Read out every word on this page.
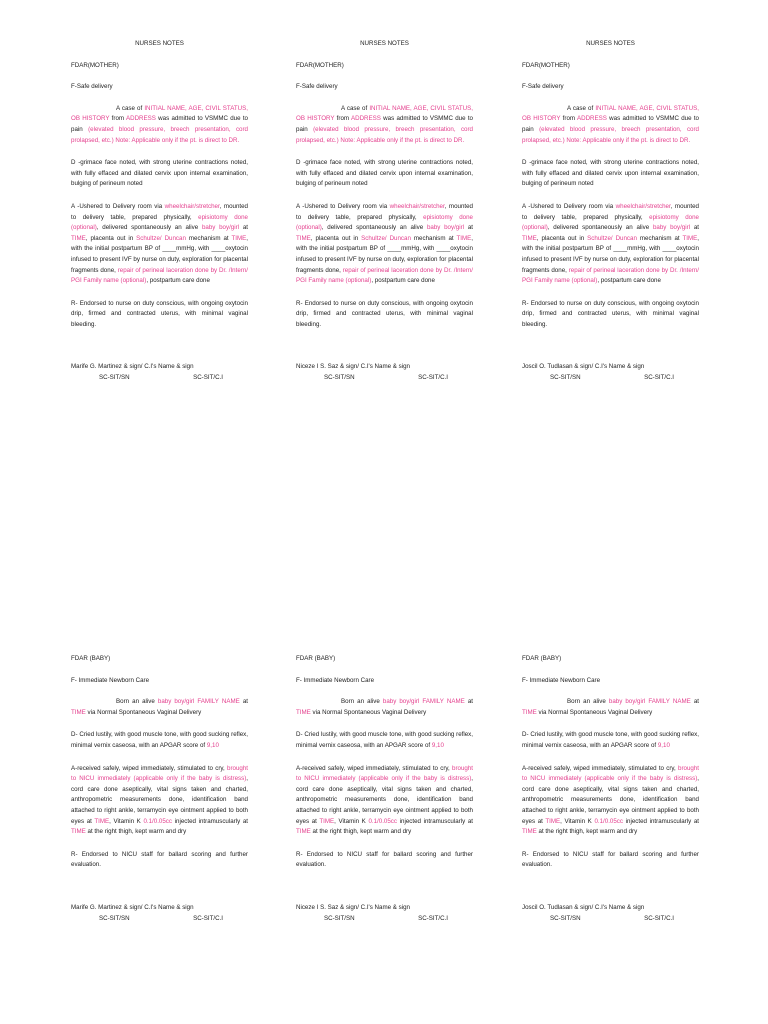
NURSES NOTES

FDAR(MOTHER)

F-Safe delivery

A case of INITIAL NAME, AGE, CIVIL STATUS, OB HISTORY from ADDRESS was admitted to VSMMC due to pain (elevated blood pressure, breech presentation, cord prolapsed, etc.) Note: Applicable only if the pt. is direct to DR.

D -grimace face noted, with strong uterine contractions noted, with fully effaced and dilated cervix upon internal examination, bulging of perineum noted

A -Ushered to Delivery room via wheelchair/stretcher, mounted to delivery table, prepared physically, episiotomy done (optional), delivered spontaneously an alive baby boy/girl at TIME, placenta out in Schultze/ Duncan mechanism at TIME, with the initial postpartum BP of ____mmHg, with ____oxytocin infused to present IVF by nurse on duty, exploration for placental fragments done, repair of perineal laceration done by Dr. /Intern/ PGI Family name (optional), postpartum care done

R- Endorsed to nurse on duty conscious, with ongoing oxytocin drip, firmed and contracted uterus, with minimal vaginal bleeding.

Marife G. Martinez & sign/ C.I's Name & sign

SC-SIT/SN	SC-SIT/C.I

NURSES NOTES

FDAR(MOTHER)

F-Safe delivery

A case of INITIAL NAME, AGE, CIVIL STATUS, OB HISTORY from ADDRESS was admitted to VSMMC due to pain (elevated blood pressure, breech presentation, cord prolapsed, etc.) Note: Applicable only if the pt. is direct to DR.

D -grimace face noted, with strong uterine contractions noted, with fully effaced and dilated cervix upon internal examination, bulging of perineum noted

A -Ushered to Delivery room via wheelchair/stretcher, mounted to delivery table, prepared physically, episiotomy done (optional), delivered spontaneously an alive baby boy/girl at TIME, placenta out in Schultze/ Duncan mechanism at TIME, with the initial postpartum BP of ____mmHg, with ____oxytocin infused to present IVF by nurse on duty, exploration for placental fragments done, repair of perineal laceration done by Dr. /Intern/ PGI Family name (optional), postpartum care done

R- Endorsed to nurse on duty conscious, with ongoing oxytocin drip, firmed and contracted uterus, with minimal vaginal bleeding.

Niceze I S. Saz & sign/ C.I's Name & sign

SC-SIT/SN	SC-SIT/C.I

NURSES NOTES

FDAR(MOTHER)

F-Safe delivery

A case of INITIAL NAME, AGE, CIVIL STATUS, OB HISTORY from ADDRESS was admitted to VSMMC due to pain (elevated blood pressure, breech presentation, cord prolapsed, etc.) Note: Applicable only if the pt. is direct to DR.

D -grimace face noted, with strong uterine contractions noted, with fully effaced and dilated cervix upon internal examination, bulging of perineum noted

A -Ushered to Delivery room via wheelchair/stretcher, mounted to delivery table, prepared physically, episiotomy done (optional), delivered spontaneously an alive baby boy/girl at TIME, placenta out in Schultze/ Duncan mechanism at TIME, with the initial postpartum BP of ____mmHg, with ____oxytocin infused to present IVF by nurse on duty, exploration for placental fragments done, repair of perineal laceration done by Dr. /Intern/ PGI Family name (optional), postpartum care done

R- Endorsed to nurse on duty conscious, with ongoing oxytocin drip, firmed and contracted uterus, with minimal vaginal bleeding.

Joscil O. Tudlasan & sign/ C.I's Name & sign

SC-SIT/SN	SC-SIT/C.I

FDAR (BABY)

F- Immediate Newborn Care

Born an alive baby boy/girl FAMILY NAME at TIME via Normal Spontaneous Vaginal Delivery

D- Cried lustily, with good muscle tone, with good sucking reflex, minimal vernix caseosa, with an APGAR score of 9,10

A-received safely, wiped immediately, stimulated to cry, brought to NICU immediately (applicable only if the baby is distress), cord care done aseptically, vital signs taken and charted, anthropometric measurements done, identification band attached to right ankle, terramycin eye ointment applied to both eyes at TIME, Vitamin K 0.1/0.05cc injected intramuscularly at TIME at the right thigh, kept warm and dry

R- Endorsed to NICU staff for ballard scoring and further evaluation.

Marife G. Martinez & sign/ C.I's Name & sign

SC-SIT/SN	SC-SIT/C.I

FDAR (BABY)

F- Immediate Newborn Care

Born an alive baby boy/girl FAMILY NAME at TIME via Normal Spontaneous Vaginal Delivery

D- Cried lustily, with good muscle tone, with good sucking reflex, minimal vernix caseosa, with an APGAR score of 9,10

A-received safely, wiped immediately, stimulated to cry, brought to NICU immediately (applicable only if the baby is distress), cord care done aseptically, vital signs taken and charted, anthropometric measurements done, identification band attached to right ankle, terramycin eye ointment applied to both eyes at TIME, Vitamin K 0.1/0.05cc injected intramuscularly at TIME at the right thigh, kept warm and dry

R- Endorsed to NICU staff for ballard scoring and further evaluation.

Niceze I S. Saz & sign/ C.I's Name & sign

SC-SIT/SN	SC-SIT/C.I

FDAR (BABY)

F- Immediate Newborn Care

Born an alive baby boy/girl FAMILY NAME at TIME via Normal Spontaneous Vaginal Delivery

D- Cried lustily, with good muscle tone, with good sucking reflex, minimal vernix caseosa, with an APGAR score of 9,10

A-received safely, wiped immediately, stimulated to cry, brought to NICU immediately (applicable only if the baby is distress), cord care done aseptically, vital signs taken and charted, anthropometric measurements done, identification band attached to right ankle, terramycin eye ointment applied to both eyes at TIME, Vitamin K 0.1/0.05cc injected intramuscularly at TIME at the right thigh, kept warm and dry

R- Endorsed to NICU staff for ballard scoring and further evaluation.

Joscil O. Tudlasan & sign/ C.I's Name & sign

SC-SIT/SN	SC-SIT/C.I
